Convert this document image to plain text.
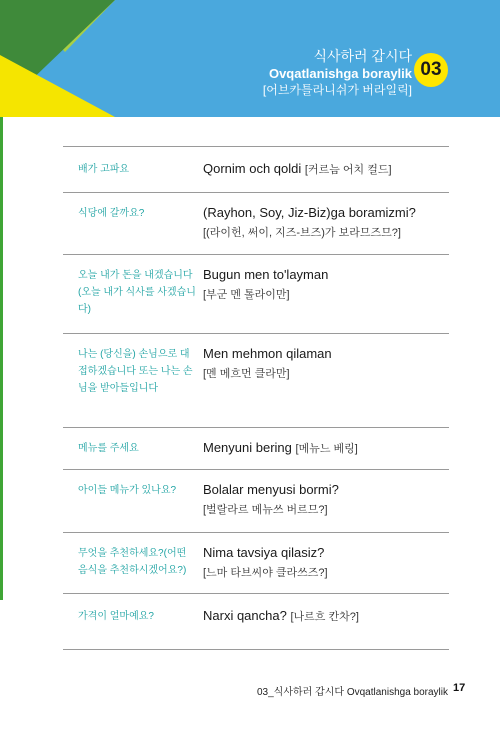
식사하러 갑시다
Ovqatlanishga boraylik
[어브카틀라니쉬가 버라일릭]
03
배가 고파요	Qornim och qoldi [커르늠 어치 컬드]
식당에 갈까요?	(Rayhon, Soy, Jiz-Biz)ga boramizmi?
[(라이헌, 써이, 지즈-브즈)가 보라므즈므?]
오늘 내가 돈을 내겠습니다(오늘 내가 식사를 사겠습니다)
Bugun men to'layman
[부군 멘 톨라이만]
나는 (당신을) 손님으로 대접하겠습니다 또는 나는 손님을 받아들입니다
Men mehmon qilaman
[멘 메흐먼 클라만]
메뉴를 주세요	Menyuni bering [메뉴느 베링]
아이들 메뉴가 있나요?	Bolalar menyusi bormi?
[벌랄라르 메뉴쓰 버르므?]
무엇을 추천하세요?(어떤 음식을 추천하시겠어요?)
Nima tavsiya qilasiz?
[느마 타브씨야 클라쓰즈?]
가격이 얼마예요?	Narxi qancha? [나르흐 칸차?]
03_식사하러 갑시다 Ovqatlanishga boraylik 17
